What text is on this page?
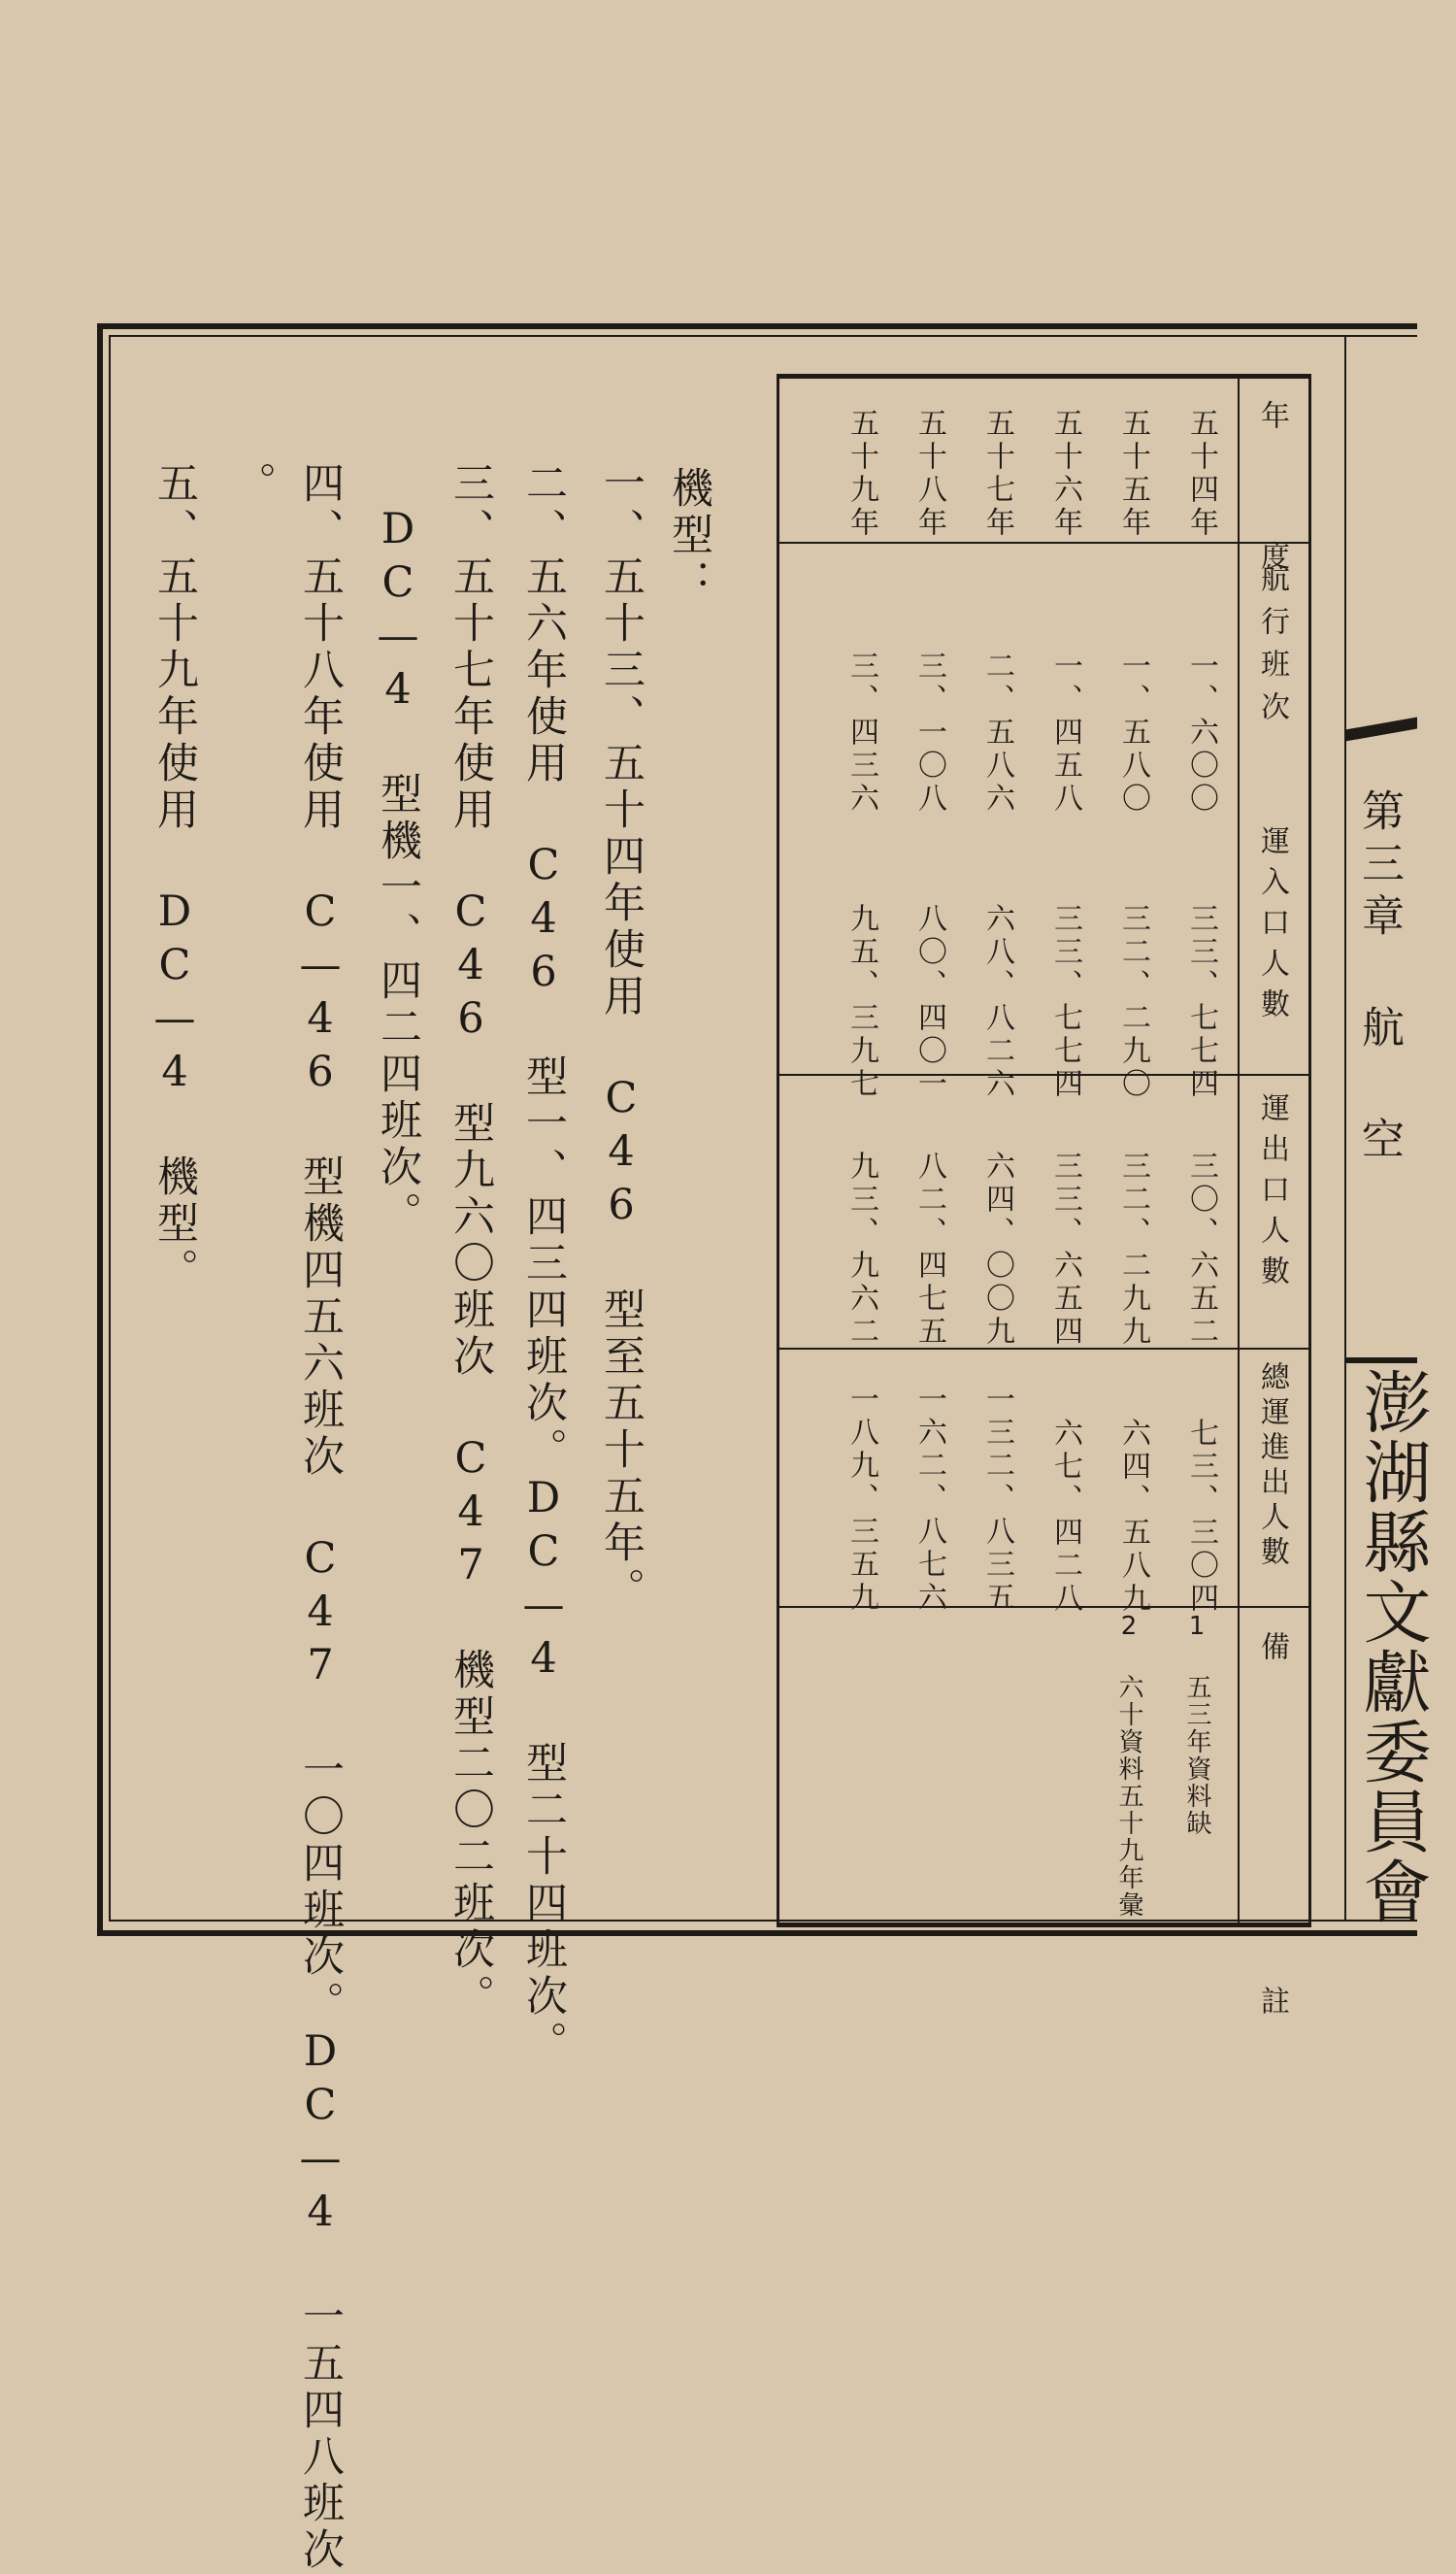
第三章 航 空
澎湖縣文獻委員會
年 度
航行班次
運入口人數
運出口人數
總運進出人數
備 註
五十四年
一、六〇〇
三三、七七四
三〇、六五二
七三、三〇四
1 五三年資料缺
五十五年
一、五八〇
三二、二九〇
三二、二九九
六四、五八九
2 六十資料五十九年彙
五十六年
一、四五八
三三、七七四
三三、六五四
六七、四二八
五十七年
二、五八六
六八、八二六
六四、〇〇九
一三二、八三五
五十八年
三、一〇八
八〇、四〇一
八二、四七五
一六二、八七六
五十九年
三、四三六
九五、三九七
九三、九六二
一八九、三五九
機型：
一、五十三、五十四年使用 C46 型至五十五年。
二、五六年使用 C46 型一、四三四班次。DC—4 型二十四班次。
三、五十七年使用 C46 型九六〇班次 C47 機型二〇二班次。
DC—4 型機一、四二四班次。
四、五十八年使用 C—46 型機四五六班次 C47 一〇四班次。DC—4 一五四八班次
。
五、五十九年使用 DC—4 機型。
